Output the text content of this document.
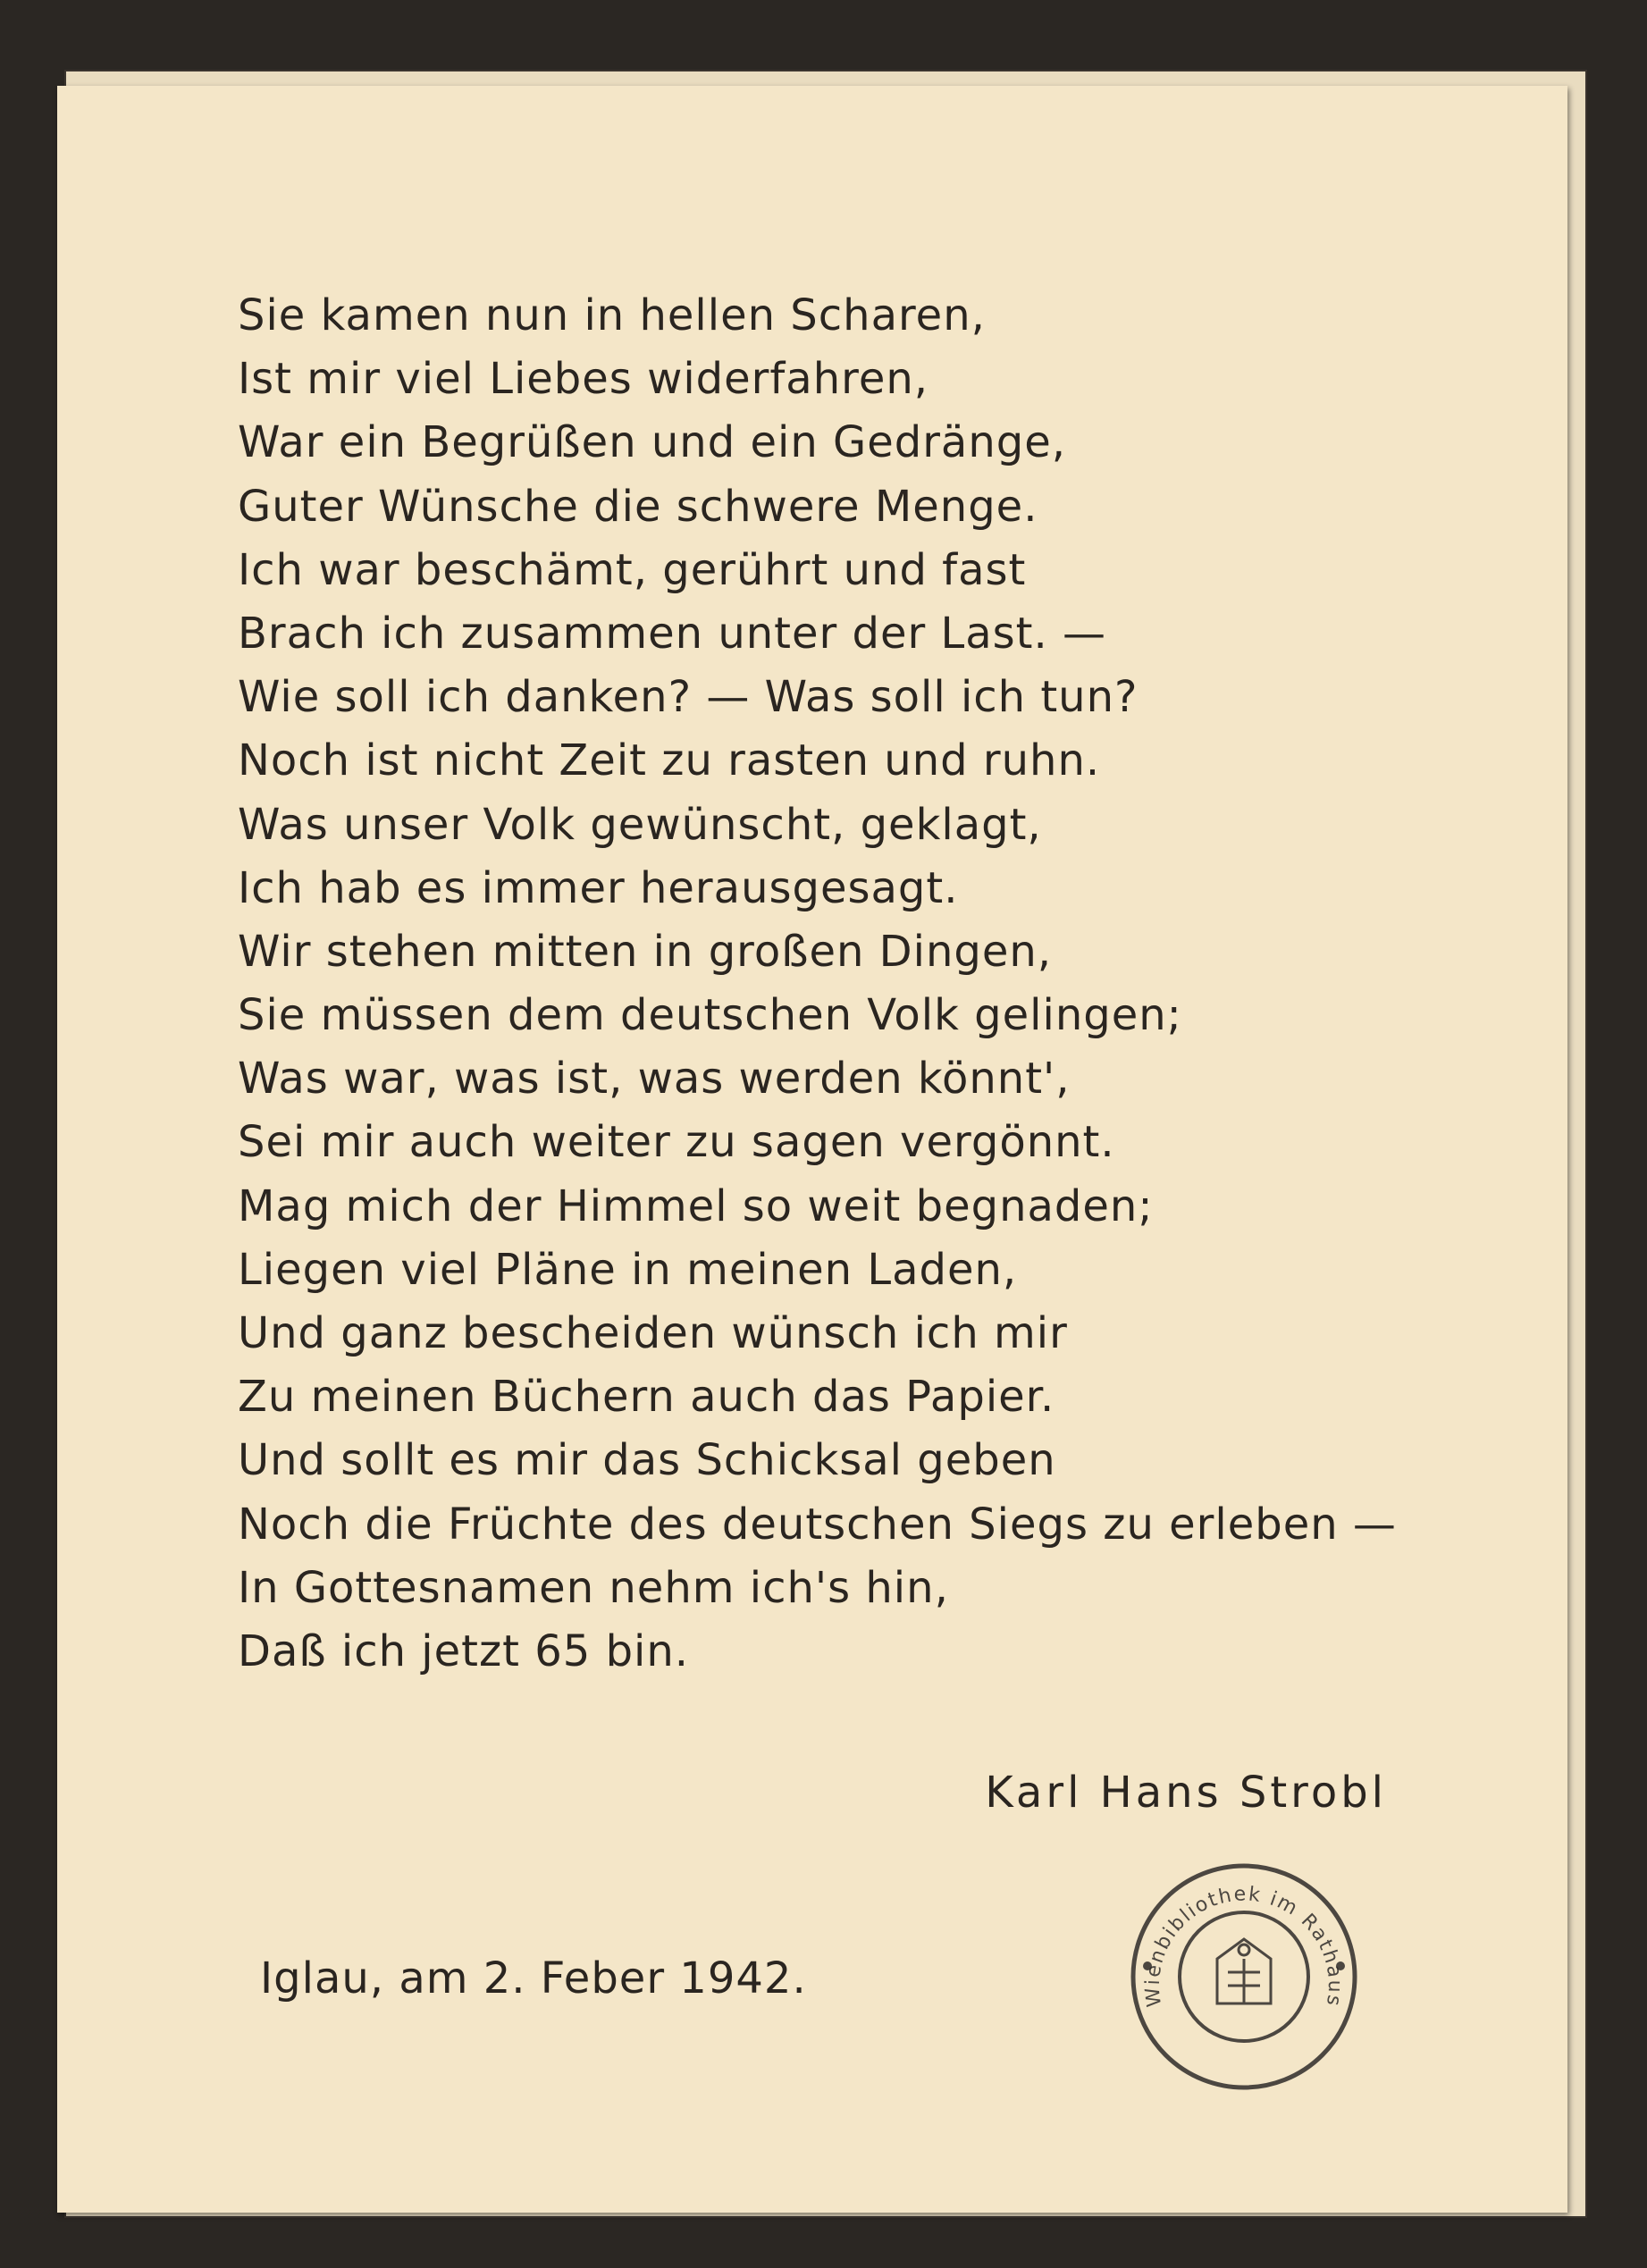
Sie kamen nun in hellen Scharen,
Ist mir viel Liebes widerfahren,
War ein Begrüßen und ein Gedränge,
Guter Wünsche die schwere Menge.
Ich war beschämt, gerührt und fast
Brach ich zusammen unter der Last. —
Wie soll ich danken? — Was soll ich tun?
Noch ist nicht Zeit zu rasten und ruhn.
Was unser Volk gewünscht, geklagt,
Ich hab es immer herausgesagt.
Wir stehen mitten in großen Dingen,
Sie müssen dem deutschen Volk gelingen;
Was war, was ist, was werden könnt',
Sei mir auch weiter zu sagen vergönnt.
Mag mich der Himmel so weit begnaden;
Liegen viel Pläne in meinen Laden,
Und ganz bescheiden wünsch ich mir
Zu meinen Büchern auch das Papier.
Und sollt es mir das Schicksal geben
Noch die Früchte des deutschen Siegs zu erleben —
In Gottesnamen nehm ich's hin,
Daß ich jetzt 65 bin.
Karl Hans Strobl
Iglau, am 2. Feber 1942.	Wienbibliothek im Rathaus
